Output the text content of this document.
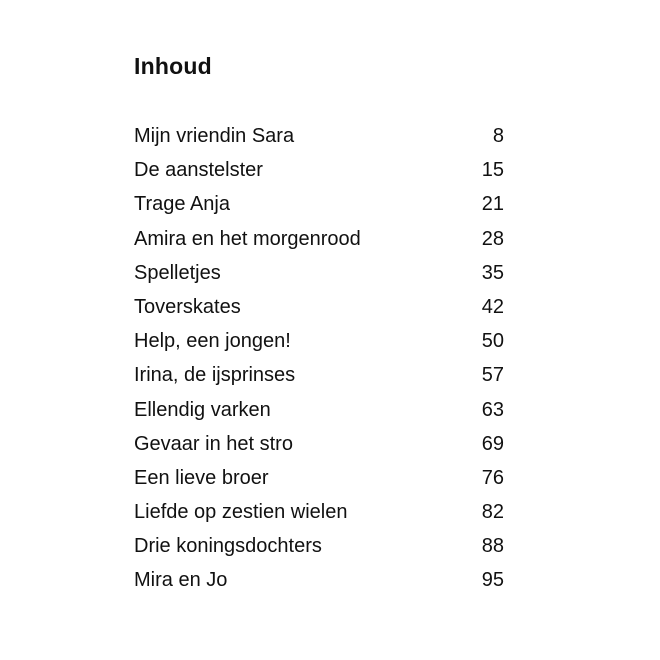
Inhoud
Mijn vriendin Sara	8
De aanstelster	15
Trage Anja	21
Amira en het morgenrood	28
Spelletjes	35
Toverskates	42
Help, een jongen!	50
Irina, de ijsprinses	57
Ellendig varken	63
Gevaar in het stro	69
Een lieve broer	76
Liefde op zestien wielen	82
Drie koningsdochters	88
Mira en Jo	95
